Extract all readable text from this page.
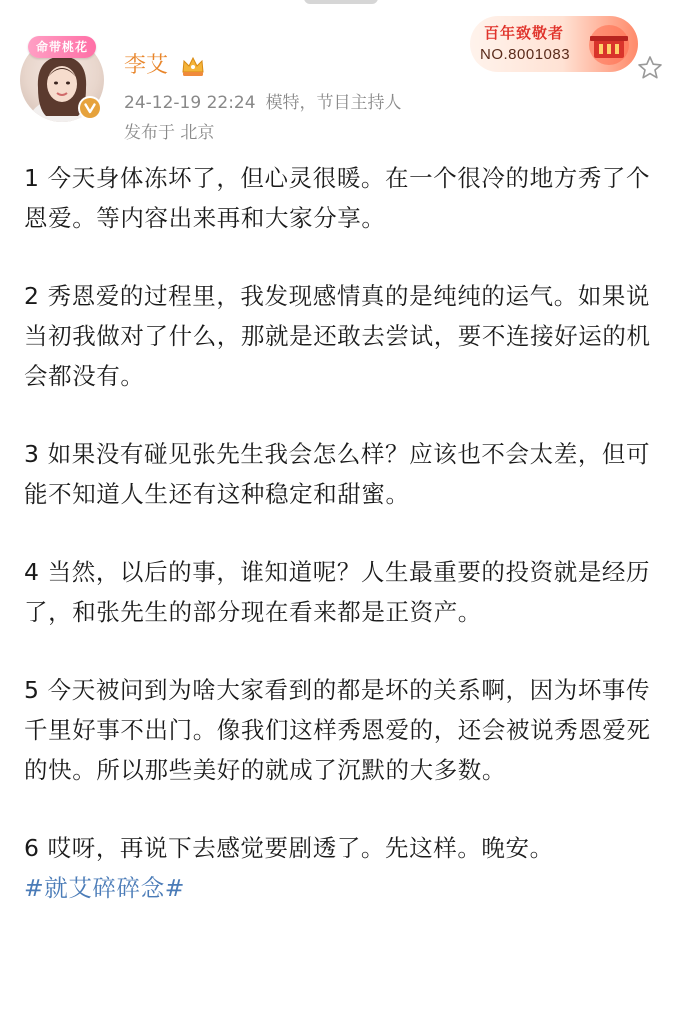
命带桃花
李艾
24-12-19 22:24 模特，节目主持人
发布于 北京
百年致敬者
NO.8001083

1 今天身体冻坏了，但心灵很暖。在一个很冷的地方秀了个恩爱。等内容出来再和大家分享。

2 秀恩爱的过程里，我发现感情真的是纯纯的运气。如果说当初我做对了什么，那就是还敢去尝试，要不连接好运的机会都没有。

3 如果没有碰见张先生我会怎么样？应该也不会太差，但可能不知道人生还有这种稳定和甜蜜。

4 当然，以后的事，谁知道呢？人生最重要的投资就是经历了，和张先生的部分现在看来都是正资产。

5 今天被问到为啥大家看到的都是坏的关系啊，因为坏事传千里好事不出门。像我们这样秀恩爱的，还会被说秀恩爱死的快。所以那些美好的就成了沉默的大多数。

6 哎呀，再说下去感觉要剧透了。先这样。晚安。

#就艾碎碎念#
